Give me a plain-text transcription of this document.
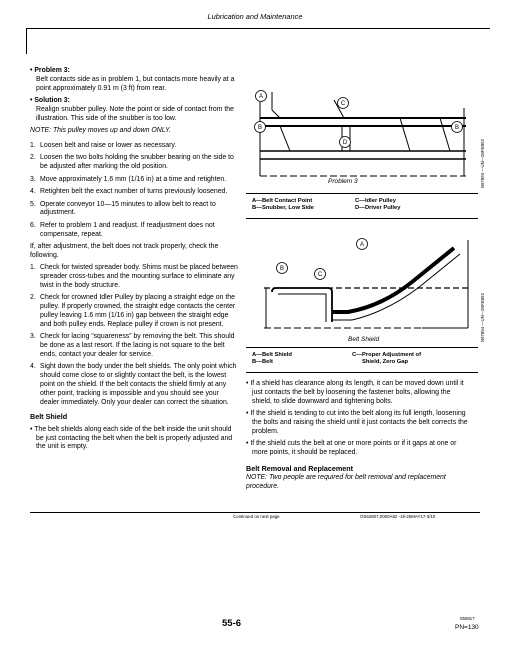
Lubrication and Maintenance
• Problem 3:
Belt contacts side as in problem 1, but contacts more heavily at a point approximately 0.91 m (3 ft) from rear.
• Solution 3:
Realign snubber pulley. Note the point or side of contact from the illustration. This side of the snubber is too low.
NOTE: This pulley moves up and down ONLY.
1. Loosen belt and raise or lower as necessary.
2. Loosen the two bolts holding the snubber bearing on the side to be adjusted after marking the old position.
3. Move approximately 1.6 mm (1/16 in) at a time and retighten.
4. Retighten belt the exact number of turns previously loosened.
5. Operate conveyor 10—15 minutes to allow belt to react to adjustment.
6. Refer to problem 1 and readjust. If readjustment does not compensate, repeat.
If, after adjustment, the belt does not track properly, check the following.
1. Check for twisted spreader body. Shims must be placed between spreader cross-tubes and the mounting surface to eliminate any twist in the body structure.
2. Check for crowned Idler Pulley by placing a straight edge on the pulley. If properly crowned, the straight edge contacts the center pulley leaving 1.6 mm (1/16 in) gap between the straight edge and both pulley ends. Replace pulley if crown is not present.
3. Check for lacing “squareness” by removing the belt. This should be done as a last resort. If the lacing is not square to the belt ends, contact your dealer for service.
4. Sight down the body under the belt shields. The only point which should come close to or slightly contact the belt, is the lowest point on the shield. If the belt contacts the shield firmly at any other point, tracking is impossible and you should see your dealer immediately. Only your dealer can correct the situation.
Belt Shield
• The belt shields along each side of the belt inside the unit should be just contacting the belt when the belt is properly adjusted and the unit is empty.
A
C
B
D
B
N97893 —UN—28FEB92
Problem 3
A—Belt Contact Point
B—Snubber, Low Side
C—Idler Pulley
D—Driver Pulley
B
C
A
N97894 —UN—28FEB92
Belt Shield
A—Belt Shield
B—Belt
C—Proper Adjustment of
Shield, Zero Gap
• If a shield has clearance along its length, it can be moved down until it just contacts the belt by loosening the fastener bolts, allowing the shield, to slide downward and tightening bolts.
• If the shield is tending to cut into the belt along its full length, loosening the bolts and raising the shield until it just contacts the belt corrects the problem.
• If the shield cuts the belt at one or more points or if it gaps at one or more points, it should be replaced.
Belt Removal and Replacement
NOTE: Two people are required for belt removal and replacement procedure.
Continued on next page	OS62807,0000A82 -19-25MAY17-3/10
55-6	050817
PN=130
